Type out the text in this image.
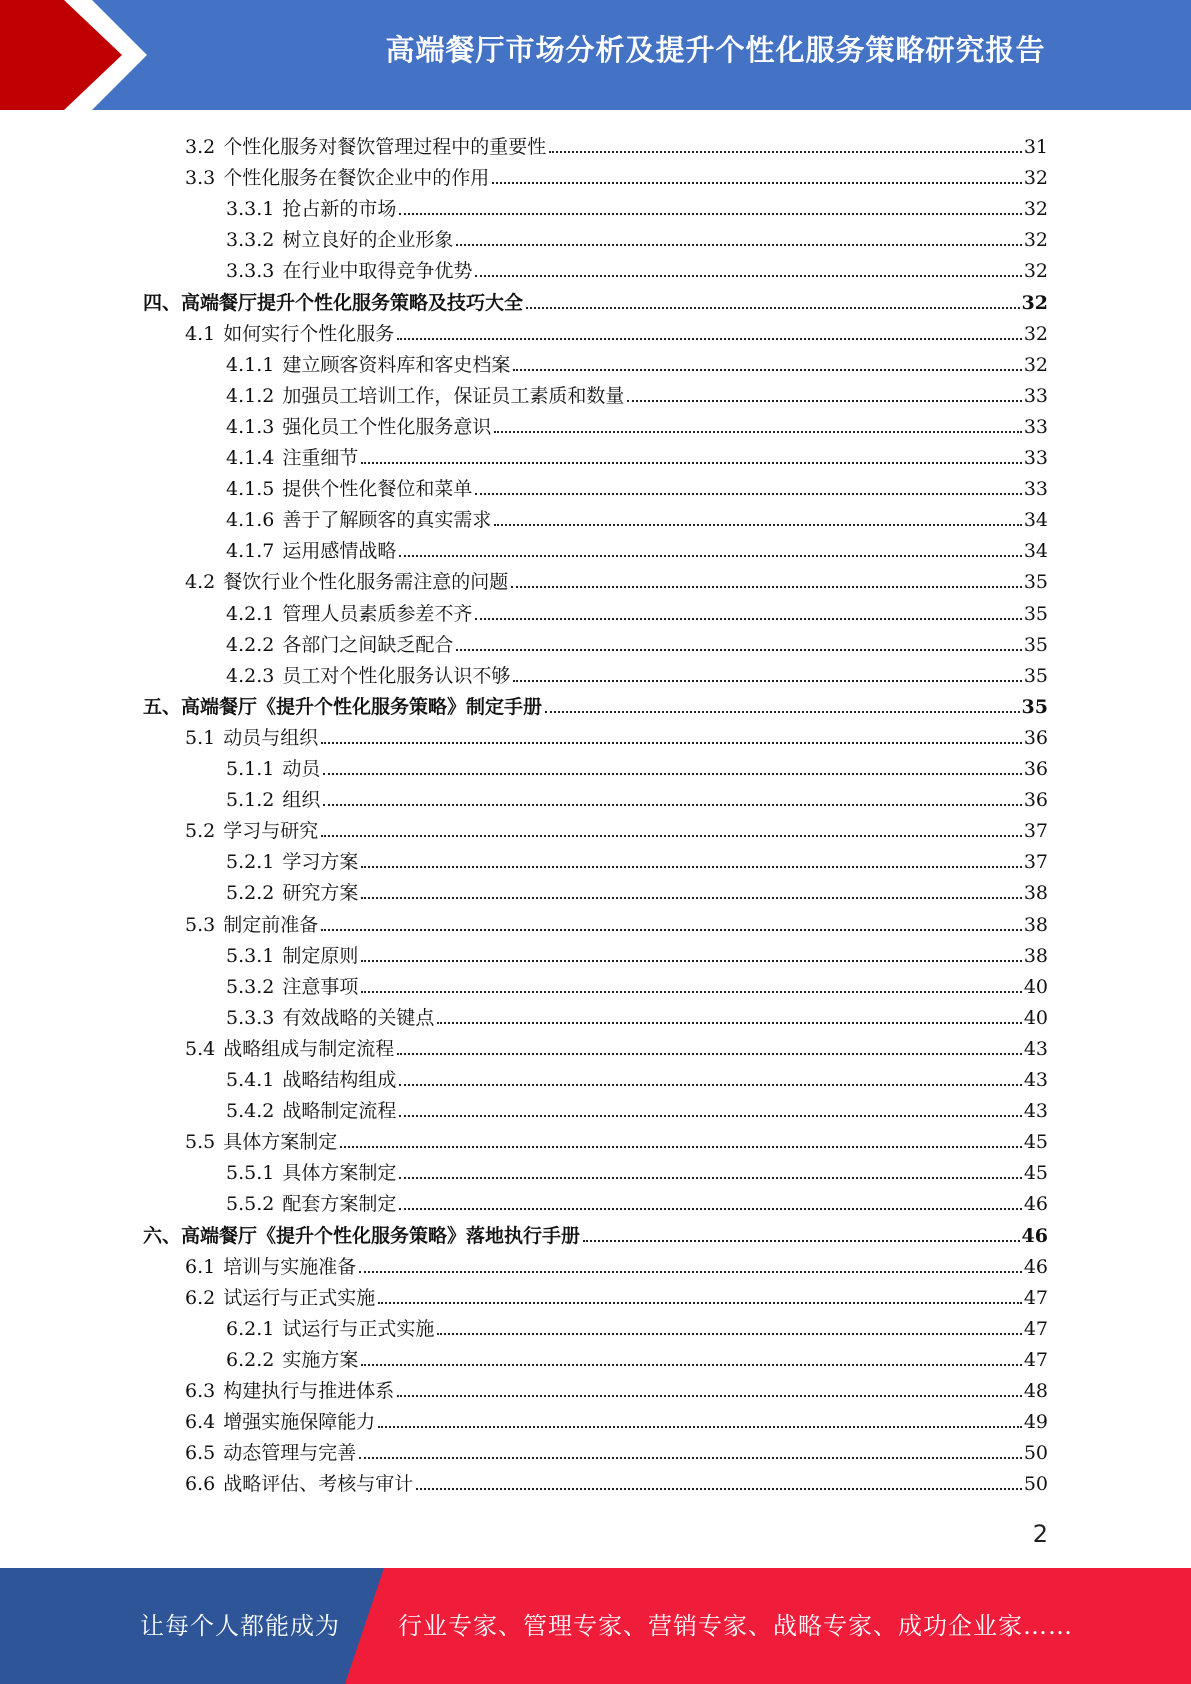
高端餐厅市场分析及提升个性化服务策略研究报告
3.2 个性化服务对餐饮管理过程中的重要性	31
3.3 个性化服务在餐饮企业中的作用	32
3.3.1 抢占新的市场	32
3.3.2 树立良好的企业形象	32
3.3.3 在行业中取得竞争优势	32
四、高端餐厅提升个性化服务策略及技巧大全	32
4.1 如何实行个性化服务	32
4.1.1 建立顾客资料库和客史档案	32
4.1.2 加强员工培训工作，保证员工素质和数量	33
4.1.3 强化员工个性化服务意识	33
4.1.4 注重细节	33
4.1.5 提供个性化餐位和菜单	33
4.1.6 善于了解顾客的真实需求	34
4.1.7 运用感情战略	34
4.2 餐饮行业个性化服务需注意的问题	35
4.2.1 管理人员素质参差不齐	35
4.2.2 各部门之间缺乏配合	35
4.2.3 员工对个性化服务认识不够	35
五、高端餐厅《提升个性化服务策略》制定手册	35
5.1 动员与组织	36
5.1.1 动员	36
5.1.2 组织	36
5.2 学习与研究	37
5.2.1 学习方案	37
5.2.2 研究方案	38
5.3 制定前准备	38
5.3.1 制定原则	38
5.3.2 注意事项	40
5.3.3 有效战略的关键点	40
5.4 战略组成与制定流程	43
5.4.1 战略结构组成	43
5.4.2 战略制定流程	43
5.5 具体方案制定	45
5.5.1 具体方案制定	45
5.5.2 配套方案制定	46
六、高端餐厅《提升个性化服务策略》落地执行手册	46
6.1 培训与实施准备	46
6.2 试运行与正式实施	47
6.2.1 试运行与正式实施	47
6.2.2 实施方案	47
6.3 构建执行与推进体系	48
6.4 增强实施保障能力	49
6.5 动态管理与完善	50
6.6 战略评估、考核与审计	50
2
让每个人都能成为 行业专家、管理专家、营销专家、战略专家、成功企业家……
